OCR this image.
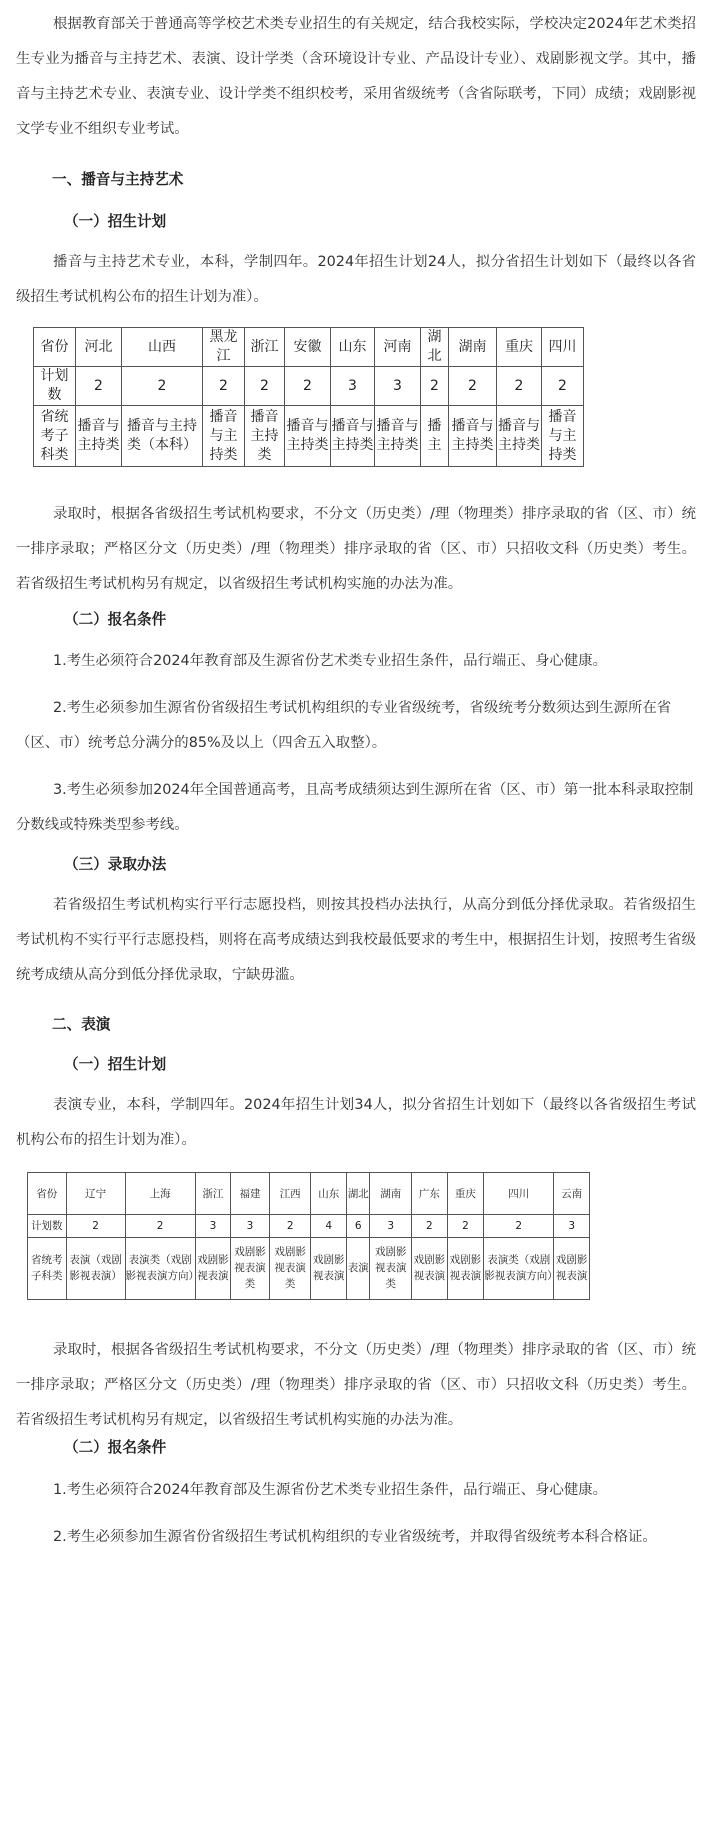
根据教育部关于普通高等学校艺术类专业招生的有关规定，结合我校实际，学校决定2024年艺术类招生专业为播音与主持艺术、表演、设计学类（含环境设计专业、产品设计专业）、戏剧影视文学。其中，播音与主持艺术专业、表演专业、设计学类不组织校考，采用省级统考（含省际联考，下同）成绩；戏剧影视文学专业不组织专业考试。

一、播音与主持艺术
（一）招生计划

播音与主持艺术专业，本科，学制四年。2024年招生计划24人，拟分省招生计划如下（最终以各省级招生考试机构公布的招生计划为准）。

省份	河北	山西	黑龙江	浙江	安徽	山东	河南	湖北	湖南	重庆	四川
计划数	2	2	2	2	2	3	3	2	2	2	2
省统考子科类	播音与主持类	播音与主持类（本科）	播音与主持类	播音主持类	播音与主持类	播音与主持类	播音与主持类	播主	播音与主持类	播音与主持类	播音与主持类

录取时，根据各省级招生考试机构要求，不分文（历史类）/理（物理类）排序录取的省（区、市）统一排序录取；严格区分文（历史类）/理（物理类）排序录取的省（区、市）只招收文科（历史类）考生。若省级招生考试机构另有规定，以省级招生考试机构实施的办法为准。

（二）报名条件

1.考生必须符合2024年教育部及生源省份艺术类专业招生条件，品行端正、身心健康。

2.考生必须参加生源省份省级招生考试机构组织的专业省级统考，省级统考分数须达到生源所在省（区、市）统考总分满分的85%及以上（四舍五入取整）。

3.考生必须参加2024年全国普通高考，且高考成绩须达到生源所在省（区、市）第一批本科录取控制分数线或特殊类型参考线。

（三）录取办法

若省级招生考试机构实行平行志愿投档，则按其投档办法执行，从高分到低分择优录取。若省级招生考试机构不实行平行志愿投档，则将在高考成绩达到我校最低要求的考生中，根据招生计划，按照考生省级统考成绩从高分到低分择优录取，宁缺毋滥。

二、表演
（一）招生计划

表演专业，本科，学制四年。2024年招生计划34人，拟分省招生计划如下（最终以各省级招生考试机构公布的招生计划为准）。

省份	辽宁	上海	浙江	福建	江西	山东	湖北	湖南	广东	重庆	四川	云南
计划数	2	2	3	3	2	4	6	3	2	2	2	3
省统考子科类	表演（戏剧影视表演）	表演类（戏剧影视表演方向）	戏剧影视表演	戏剧影视表演类	戏剧影视表演类	戏剧影视表演	表演	戏剧影视表演类	戏剧影视表演	戏剧影视表演	表演类（戏剧影视表演方向）	戏剧影视表演

录取时，根据各省级招生考试机构要求，不分文（历史类）/理（物理类）排序录取的省（区、市）统一排序录取；严格区分文（历史类）/理（物理类）排序录取的省（区、市）只招收文科（历史类）考生。若省级招生考试机构另有规定，以省级招生考试机构实施的办法为准。

（二）报名条件

1.考生必须符合2024年教育部及生源省份艺术类专业招生条件，品行端正、身心健康。

2.考生必须参加生源省份省级招生考试机构组织的专业省级统考，并取得省级统考本科合格证。
